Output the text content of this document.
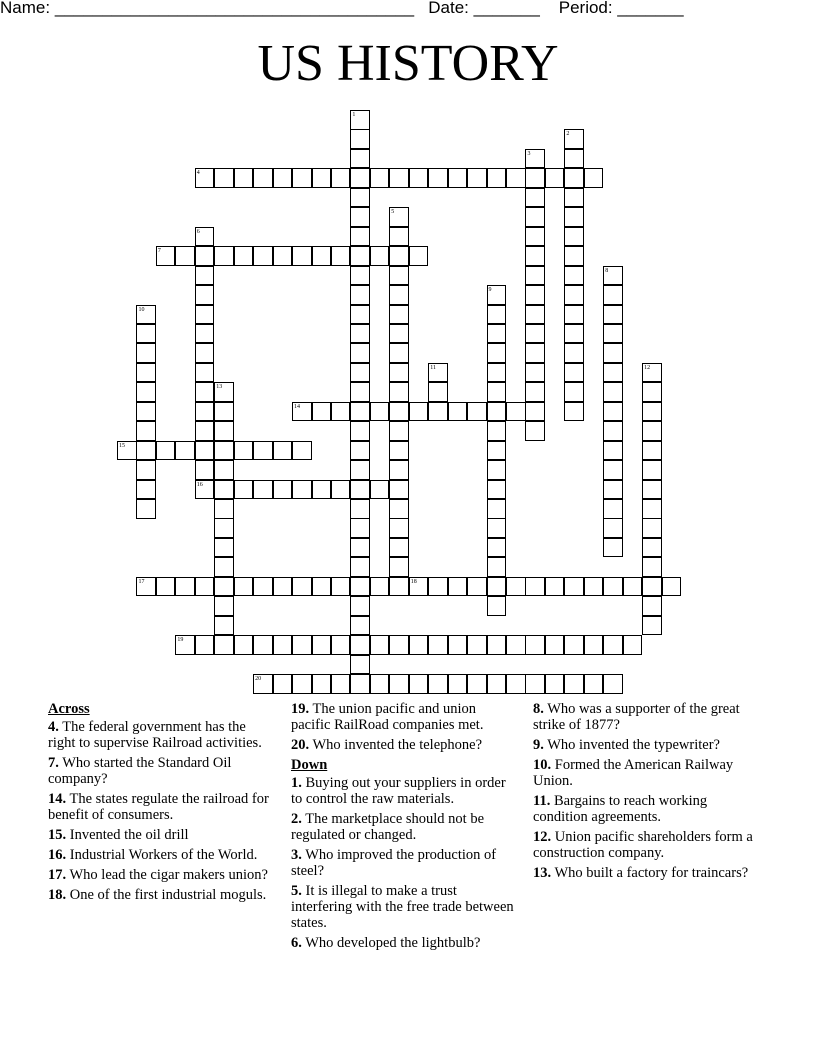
Name: ______________________________________ Date: _______ Period: _______
US HISTORY
1
2
3
4
5
6
16
7
8
9
10
11	12
13
14
15
17	18
19
20
Across
4. The federal government has the right to supervise Railroad activities.
7. Who started the Standard Oil company?
14. The states regulate the railroad for benefit of consumers.
15. Invented the oil drill
16. Industrial Workers of the World.
17. Who lead the cigar makers union?
18. One of the first industrial moguls.
19. The union pacific and union pacific RailRoad companies met.
20. Who invented the telephone?
Down
1. Buying out your suppliers in order to control the raw materials.
2. The marketplace should not be regulated or changed.
3. Who improved the production of steel?
5. It is illegal to make a trust interfering with the free trade between states.
6. Who developed the lightbulb?
8. Who was a supporter of the great strike of 1877?
9. Who invented the typewriter?
10. Formed the American Railway Union.
11. Bargains to reach working condition agreements.
12. Union pacific shareholders form a construction company.
13. Who built a factory for traincars?
